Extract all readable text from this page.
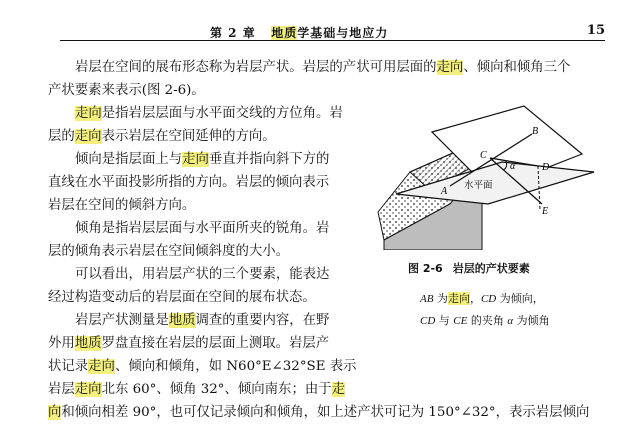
第 2 章 地质学基础与地应力	15
岩层在空间的展布形态称为岩层产状。岩层的产状可用层面的走向、倾向和倾角三个
产状要素来表示(图 2-6)。
走向是指岩层层面与水平面交线的方位角。岩
层的走向表示岩层在空间延伸的方向。
倾向是指层面上与走向垂直并指向斜下方的
直线在水平面投影所指的方向。岩层的倾向表示
岩层在空间的倾斜方向。
倾角是指岩层层面与水平面所夹的锐角。岩
层的倾角表示岩层在空间倾斜度的大小。
可以看出，用岩层产状的三个要素，能表达
经过构造变动后的岩层面在空间的展布状态。
岩层产状测量是地质调查的重要内容，在野
外用地质罗盘直接在岩层的层面上测取。岩层产
状记录走向、倾向和倾角，如 N60°E∠32°SE 表示
岩层走向北东 60°、倾角 32°、倾向南东；由于走
向和倾向相差 90°，也可仅记录倾向和倾角，如上述产状可记为 150°∠32°，表示岩层倾向
A
B
C
D
E
α
水平面
图 2-6 岩层的产状要素
AB 为走向，CD 为倾向，
CD 与 CE 的夹角 α 为倾角
